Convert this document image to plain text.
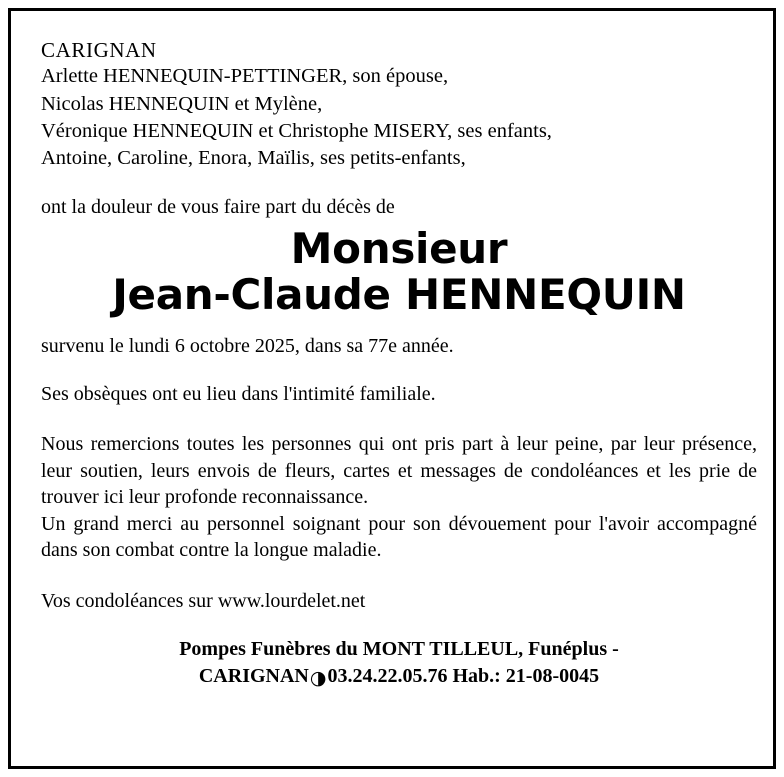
CARIGNAN
Arlette HENNEQUIN-PETTINGER, son épouse,
Nicolas HENNEQUIN et Mylène,
Véronique HENNEQUIN et Christophe MISERY, ses enfants,
Antoine, Caroline, Enora, Maïlis, ses petits-enfants,
ont la douleur de vous faire part du décès de
Monsieur
Jean-Claude HENNEQUIN
survenu le lundi 6 octobre 2025, dans sa 77e année.
Ses obsèques ont eu lieu dans l'intimité familiale.

Nous remercions toutes les personnes qui ont pris part à leur peine, par leur présence, leur soutien, leurs envois de fleurs, cartes et messages de condoléances et les prie de trouver ici leur profonde reconnaissance.

Un grand merci au personnel soignant pour son dévouement pour l'avoir accompagné dans son combat contre la longue maladie.

Vos condoléances sur www.lourdelet.net
Pompes Funèbres du MONT TILLEUL, Funéplus -
CARIGNAN◑03.24.22.05.76 Hab.: 21-08-0045
